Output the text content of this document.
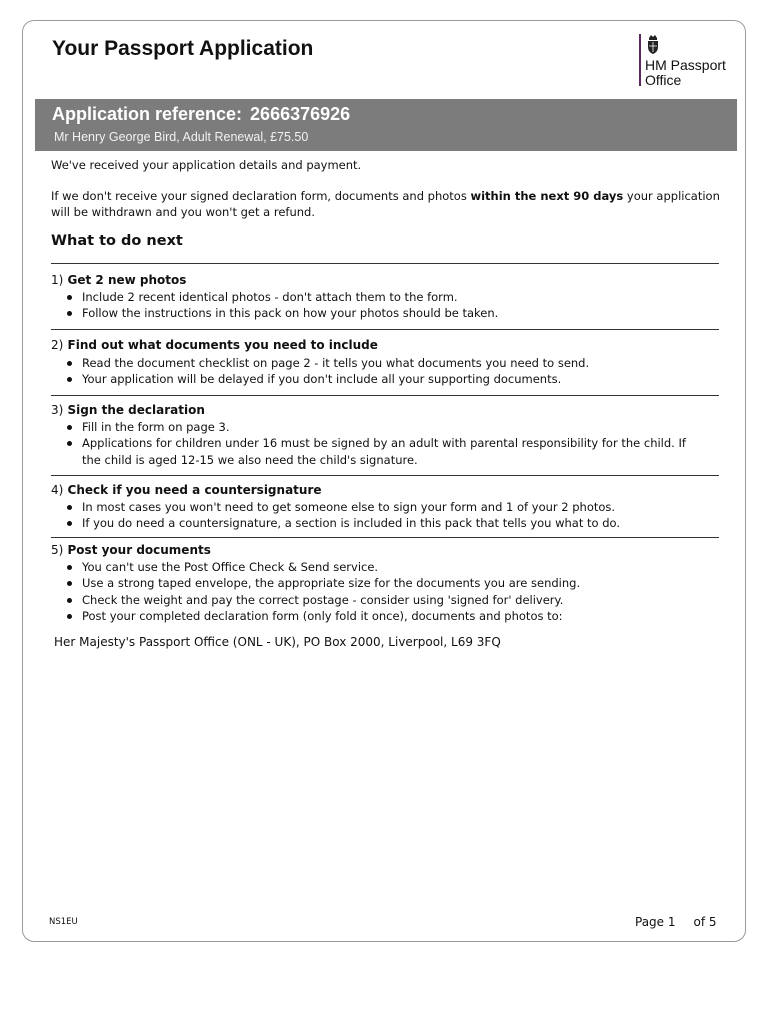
Your Passport Application
HM Passport
Office
Application reference: 2666376926
Mr Henry George Bird, Adult Renewal, £75.50
We've received your application details and payment.
If we don't receive your signed declaration form, documents and photos within the next 90 days your application will be withdrawn and you won't get a refund.
What to do next
1) Get 2 new photos
Include 2 recent identical photos - don't attach them to the form.
Follow the instructions in this pack on how your photos should be taken.
2) Find out what documents you need to include
Read the document checklist on page 2 - it tells you what documents you need to send.
Your application will be delayed if you don't include all your supporting documents.
3) Sign the declaration
Fill in the form on page 3.
Applications for children under 16 must be signed by an adult with parental responsibility for the child. If the child is aged 12-15 we also need the child's signature.
4) Check if you need a countersignature
In most cases you won't need to get someone else to sign your form and 1 of your 2 photos.
If you do need a countersignature, a section is included in this pack that tells you what to do.
5) Post your documents
You can't use the Post Office Check & Send service.
Use a strong taped envelope, the appropriate size for the documents you are sending.
Check the weight and pay the correct postage - consider using 'signed for' delivery.
Post your completed declaration form (only fold it once), documents and photos to:
Her Majesty's Passport Office (ONL - UK), PO Box 2000, Liverpool, L69 3FQ
NS1EU	Page 1 of 5
